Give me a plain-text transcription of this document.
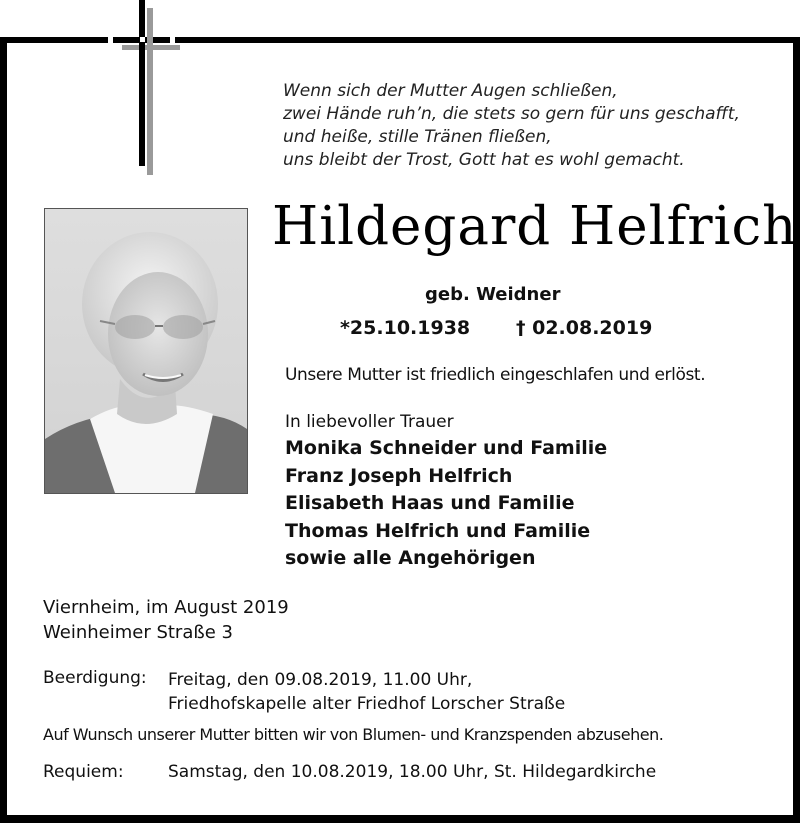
Wenn sich der Mutter Augen schließen,
zwei Hände ruh’n, die stets so gern für uns geschafft,
und heiße, stille Tränen fließen,
uns bleibt der Trost, Gott hat es wohl gemacht.
Hildegard Helfrich
geb. Weidner
*25.10.1938 † 02.08.2019
Unsere Mutter ist friedlich eingeschlafen und erlöst.
In liebevoller Trauer
Monika Schneider und Familie
Franz Joseph Helfrich
Elisabeth Haas und Familie
Thomas Helfrich und Familie
sowie alle Angehörigen
Viernheim, im August 2019
Weinheimer Straße 3
Beerdigung: Freitag, den 09.08.2019, 11.00 Uhr,
Friedhofskapelle alter Friedhof Lorscher Straße
Auf Wunsch unserer Mutter bitten wir von Blumen- und Kranzspenden abzusehen.
Requiem:	Samstag, den 10.08.2019, 18.00 Uhr, St. Hildegardkirche
